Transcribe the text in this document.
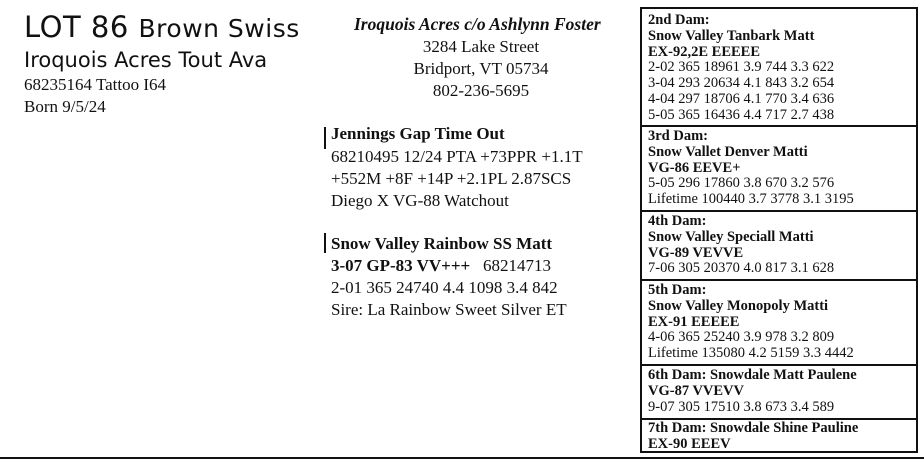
LOT 86 Brown Swiss
Iroquois Acres Tout Ava
68235164 Tattoo I64
Born 9/5/24
Iroquois Acres c/o Ashlynn Foster
3284 Lake Street
Bridport, VT 05734
802-236-5695
Jennings Gap Time Out
68210495 12/24 PTA +73PPR +1.1T
+552M +8F +14P +2.1PL 2.87SCS
Diego X VG-88 Watchout
Snow Valley Rainbow SS Matt
3-07 GP-83 VV+++ 68214713
2-01 365 24740 4.4 1098 3.4 842
Sire: La Rainbow Sweet Silver ET
2nd Dam:
Snow Valley Tanbark Matt
EX-92,2E EEEEE
2-02 365 18961 3.9 744 3.3 622
3-04 293 20634 4.1 843 3.2 654
4-04 297 18706 4.1 770 3.4 636
5-05 365 16436 4.4 717 2.7 438
3rd Dam:
Snow Vallet Denver Matti
VG-86 EEVE+
5-05 296 17860 3.8 670 3.2 576
Lifetime 100440 3.7 3778 3.1 3195
4th Dam:
Snow Valley Speciall Matti
VG-89 VEVVE
7-06 305 20370 4.0 817 3.1 628
5th Dam:
Snow Valley Monopoly Matti
EX-91 EEEEE
4-06 365 25240 3.9 978 3.2 809
Lifetime 135080 4.2 5159 3.3 4442
6th Dam: Snowdale Matt Paulene
VG-87 VVEVV
9-07 305 17510 3.8 673 3.4 589
7th Dam: Snowdale Shine Pauline
EX-90 EEEV
